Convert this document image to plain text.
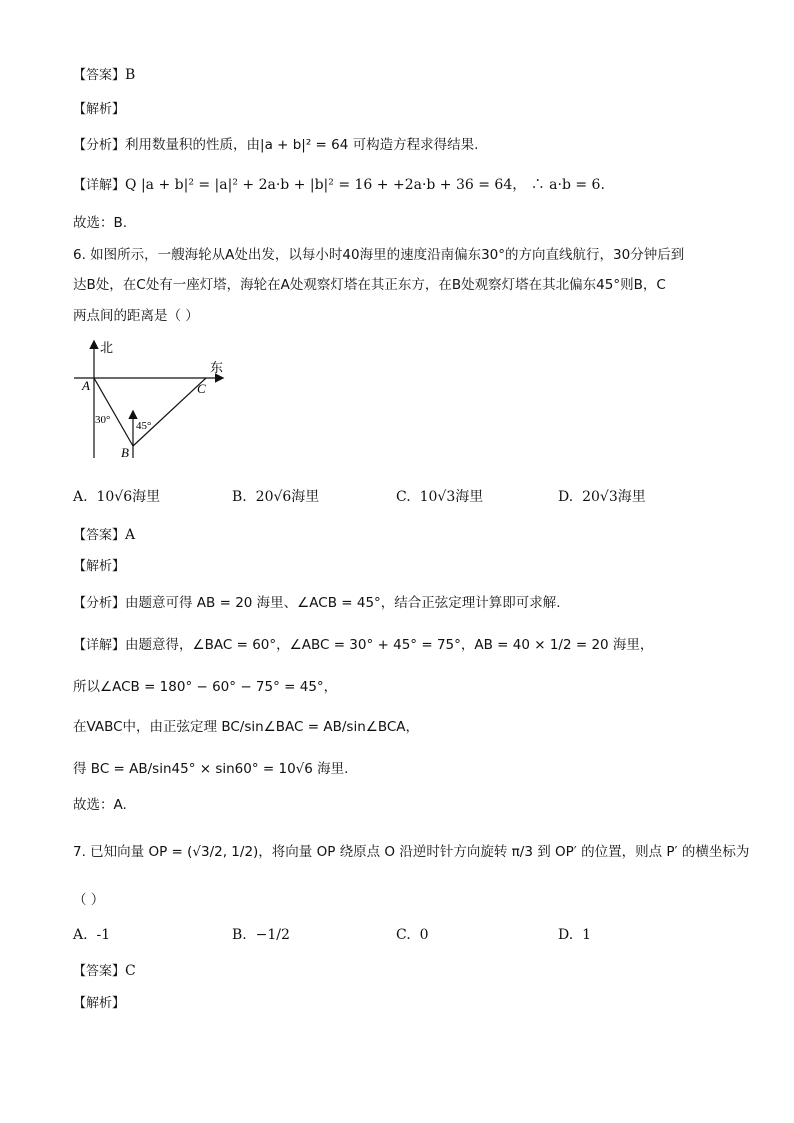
【答案】B
【解析】
【分析】利用数量积的性质，由|a + b|² = 64 可构造方程求得结果.
【详解】Q |a + b|² = |a|² + 2a·b + |b|² = 16 + +2a·b + 36 = 64， ∴ a·b = 6.
故选：B.
6. 如图所示，一艘海轮从A处出发，以每小时40海里的速度沿南偏东30°的方向直线航行，30分钟后到
达B处，在C处有一座灯塔，海轮在A处观察灯塔在其正东方，在B处观察灯塔在其北偏东45°则B，C
两点间的距离是（ ）
北
东
A	C
B
30° 45°
A. 10√6海里	B. 20√6海里	C. 10√3海里	D. 20√3海里
【答案】A
【解析】
【分析】由题意可得 AB = 20 海里、∠ACB = 45°，结合正弦定理计算即可求解.
【详解】由题意得，∠BAC = 60°，∠ABC = 30° + 45° = 75°，AB = 40 × 1/2 = 20 海里，
所以∠ACB = 180° − 60° − 75° = 45°，
在VABC中，由正弦定理 BC/sin∠BAC = AB/sin∠BCA，
得 BC = AB/sin45° × sin60° = 10√6 海里.
故选：A.
7. 已知向量 OP = (√3/2, 1/2)，将向量 OP 绕原点 O 沿逆时针方向旋转 π/3 到 OP′ 的位置，则点 P′ 的横坐标为
（ ）
A. -1	B. −1/2	C. 0	D. 1
【答案】C
【解析】
